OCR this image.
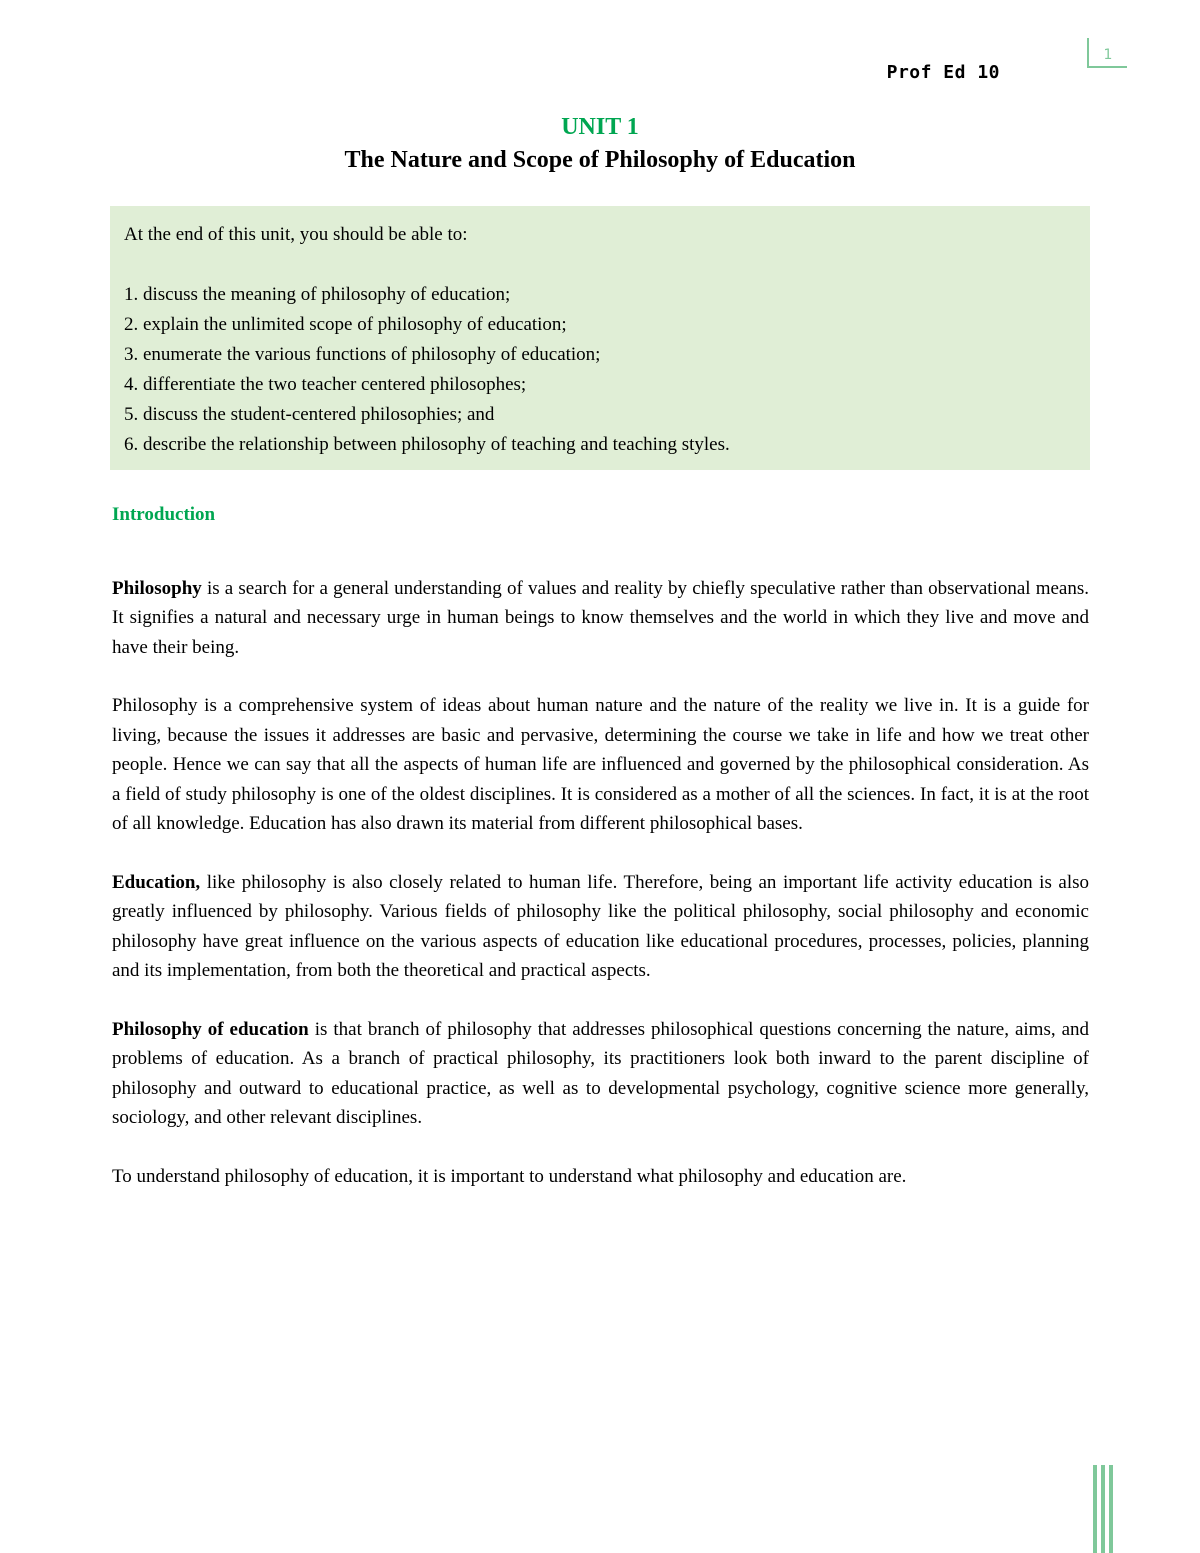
1
Prof Ed 10
UNIT 1
The Nature and Scope of Philosophy of Education

At the end of this unit, you should be able to:

1. discuss the meaning of philosophy of education;
2. explain the unlimited scope of philosophy of education;
3. enumerate the various functions of philosophy of education;
4. differentiate the two teacher centered philosophes;
5. discuss the student-centered philosophies; and
6. describe the relationship between philosophy of teaching and teaching styles.
Introduction

Philosophy is a search for a general understanding of values and reality by chiefly speculative rather than observational means. It signifies a natural and necessary urge in human beings to know themselves and the world in which they live and move and have their being.

Philosophy is a comprehensive system of ideas about human nature and the nature of the reality we live in. It is a guide for living, because the issues it addresses are basic and pervasive, determining the course we take in life and how we treat other people. Hence we can say that all the aspects of human life are influenced and governed by the philosophical consideration. As a field of study philosophy is one of the oldest disciplines. It is considered as a mother of all the sciences. In fact, it is at the root of all knowledge. Education has also drawn its material from different philosophical bases.

Education, like philosophy is also closely related to human life. Therefore, being an important life activity education is also greatly influenced by philosophy. Various fields of philosophy like the political philosophy, social philosophy and economic philosophy have great influence on the various aspects of education like educational procedures, processes, policies, planning and its implementation, from both the theoretical and practical aspects.

Philosophy of education is that branch of philosophy that addresses philosophical questions concerning the nature, aims, and problems of education. As a branch of practical philosophy, its practitioners look both inward to the parent discipline of philosophy and outward to educational practice, as well as to developmental psychology, cognitive science more generally, sociology, and other relevant disciplines.

To understand philosophy of education, it is important to understand what philosophy and education are.
